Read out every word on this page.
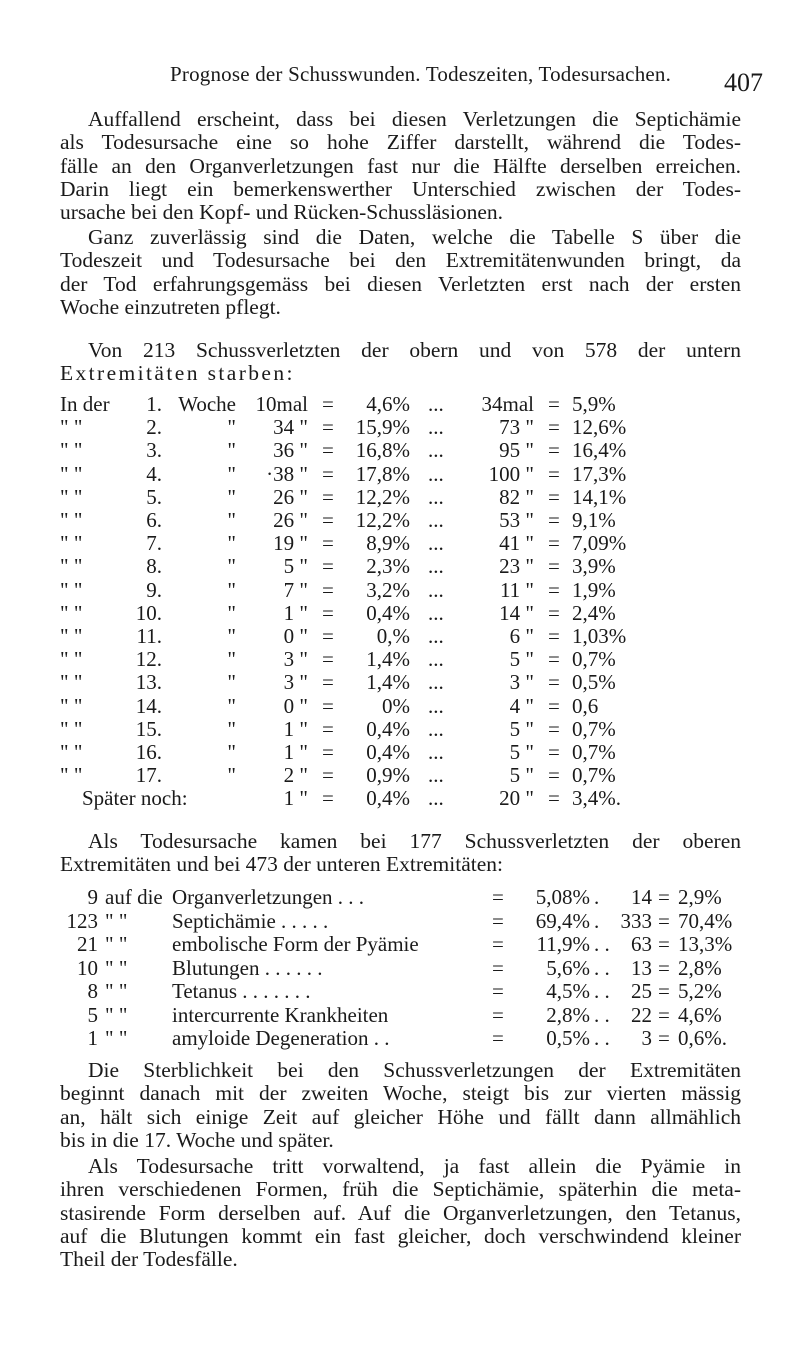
Prognose der Schusswunden. Todeszeiten, Todesursachen. 407
Auffallend erscheint, dass bei diesen Verletzungen die Septichämie
als Todesursache eine so hohe Ziffer darstellt, während die Todes-
fälle an den Organverletzungen fast nur die Hälfte derselben erreichen.
Darin liegt ein bemerkenswerther Unterschied zwischen der Todes-
ursache bei den Kopf- und Rücken-Schussläsionen.
Ganz zuverlässig sind die Daten, welche die Tabelle S über die
Todeszeit und Todesursache bei den Extremitätenwunden bringt, da
der Tod erfahrungsgemäss bei diesen Verletzten erst nach der ersten
Woche einzutreten pflegt.
Von 213 Schussverletzten der obern und von 578 der untern
Extremitäten starben:
In der	1. Woche 10mal =	4,6% ...	34mal = 5,9%
" "	2.	"	34 " =	15,9% ...	73 " = 12,6%
" "	3.	"	36 " =	16,8% ...	95 " = 16,4%
" "	4.	"	·38 " =	17,8% ...	100 " = 17,3%
" "	5.	"	26 " =	12,2% ...	82 " = 14,1%
" "	6.	"	26 " =	12,2% ...	53 " = 9,1%
" "	7.	"	19 " =	8,9% ...	41 " = 7,09%
" "	8.	"	5 " =	2,3% ...	23 " = 3,9%
" "	9.	"	7 " =	3,2% ...	11 " = 1,9%
" "	10.	"	1 " =	0,4% ...	14 " = 2,4%
" "	11.	"	0 " =	0,% ...	6 " = 1,03%
" "	12.	"	3 " =	1,4% ...	5 " = 0,7%
" "	13.	"	3 " =	1,4% ...	3 " = 0,5%
" "	14.	"	0 " =	0% ...	4 " = 0,6
" "	15.	"	1 " =	0,4% ...	5 " = 0,7%
" "	16.	"	1 " =	0,4% ...	5 " = 0,7%
" "	17.	"	2 " =	0,9% ...	5 " = 0,7%
Später noch:	1 " =	0,4% ...	20 " = 3,4%.
Als Todesursache kamen bei 177 Schussverletzten der oberen
Extremitäten und bei 473 der unteren Extremitäten:
9 auf die Organverletzungen . . .	=	5,08% .	14 = 2,9%
123 " "	Septichämie . . . . .	=	69,4% .	333 = 70,4%
21 " "	embolische Form der Pyämie	=	11,9% . .	63 = 13,3%
10 " "	Blutungen . . . . . .	=	5,6% . .	13 = 2,8%
8 " "	Tetanus . . . . . . .	=	4,5% . .	25 = 5,2%
5 " "	intercurrente Krankheiten	=	2,8% . .	22 = 4,6%
1 " "	amyloide Degeneration . .	=	0,5% . .	3 = 0,6%.
Die Sterblichkeit bei den Schussverletzungen der Extremitäten
beginnt danach mit der zweiten Woche, steigt bis zur vierten mässig
an, hält sich einige Zeit auf gleicher Höhe und fällt dann allmählich
bis in die 17. Woche und später.
Als Todesursache tritt vorwaltend, ja fast allein die Pyämie in
ihren verschiedenen Formen, früh die Septichämie, späterhin die meta-
stasirende Form derselben auf. Auf die Organverletzungen, den Tetanus,
auf die Blutungen kommt ein fast gleicher, doch verschwindend kleiner
Theil der Todesfälle.
